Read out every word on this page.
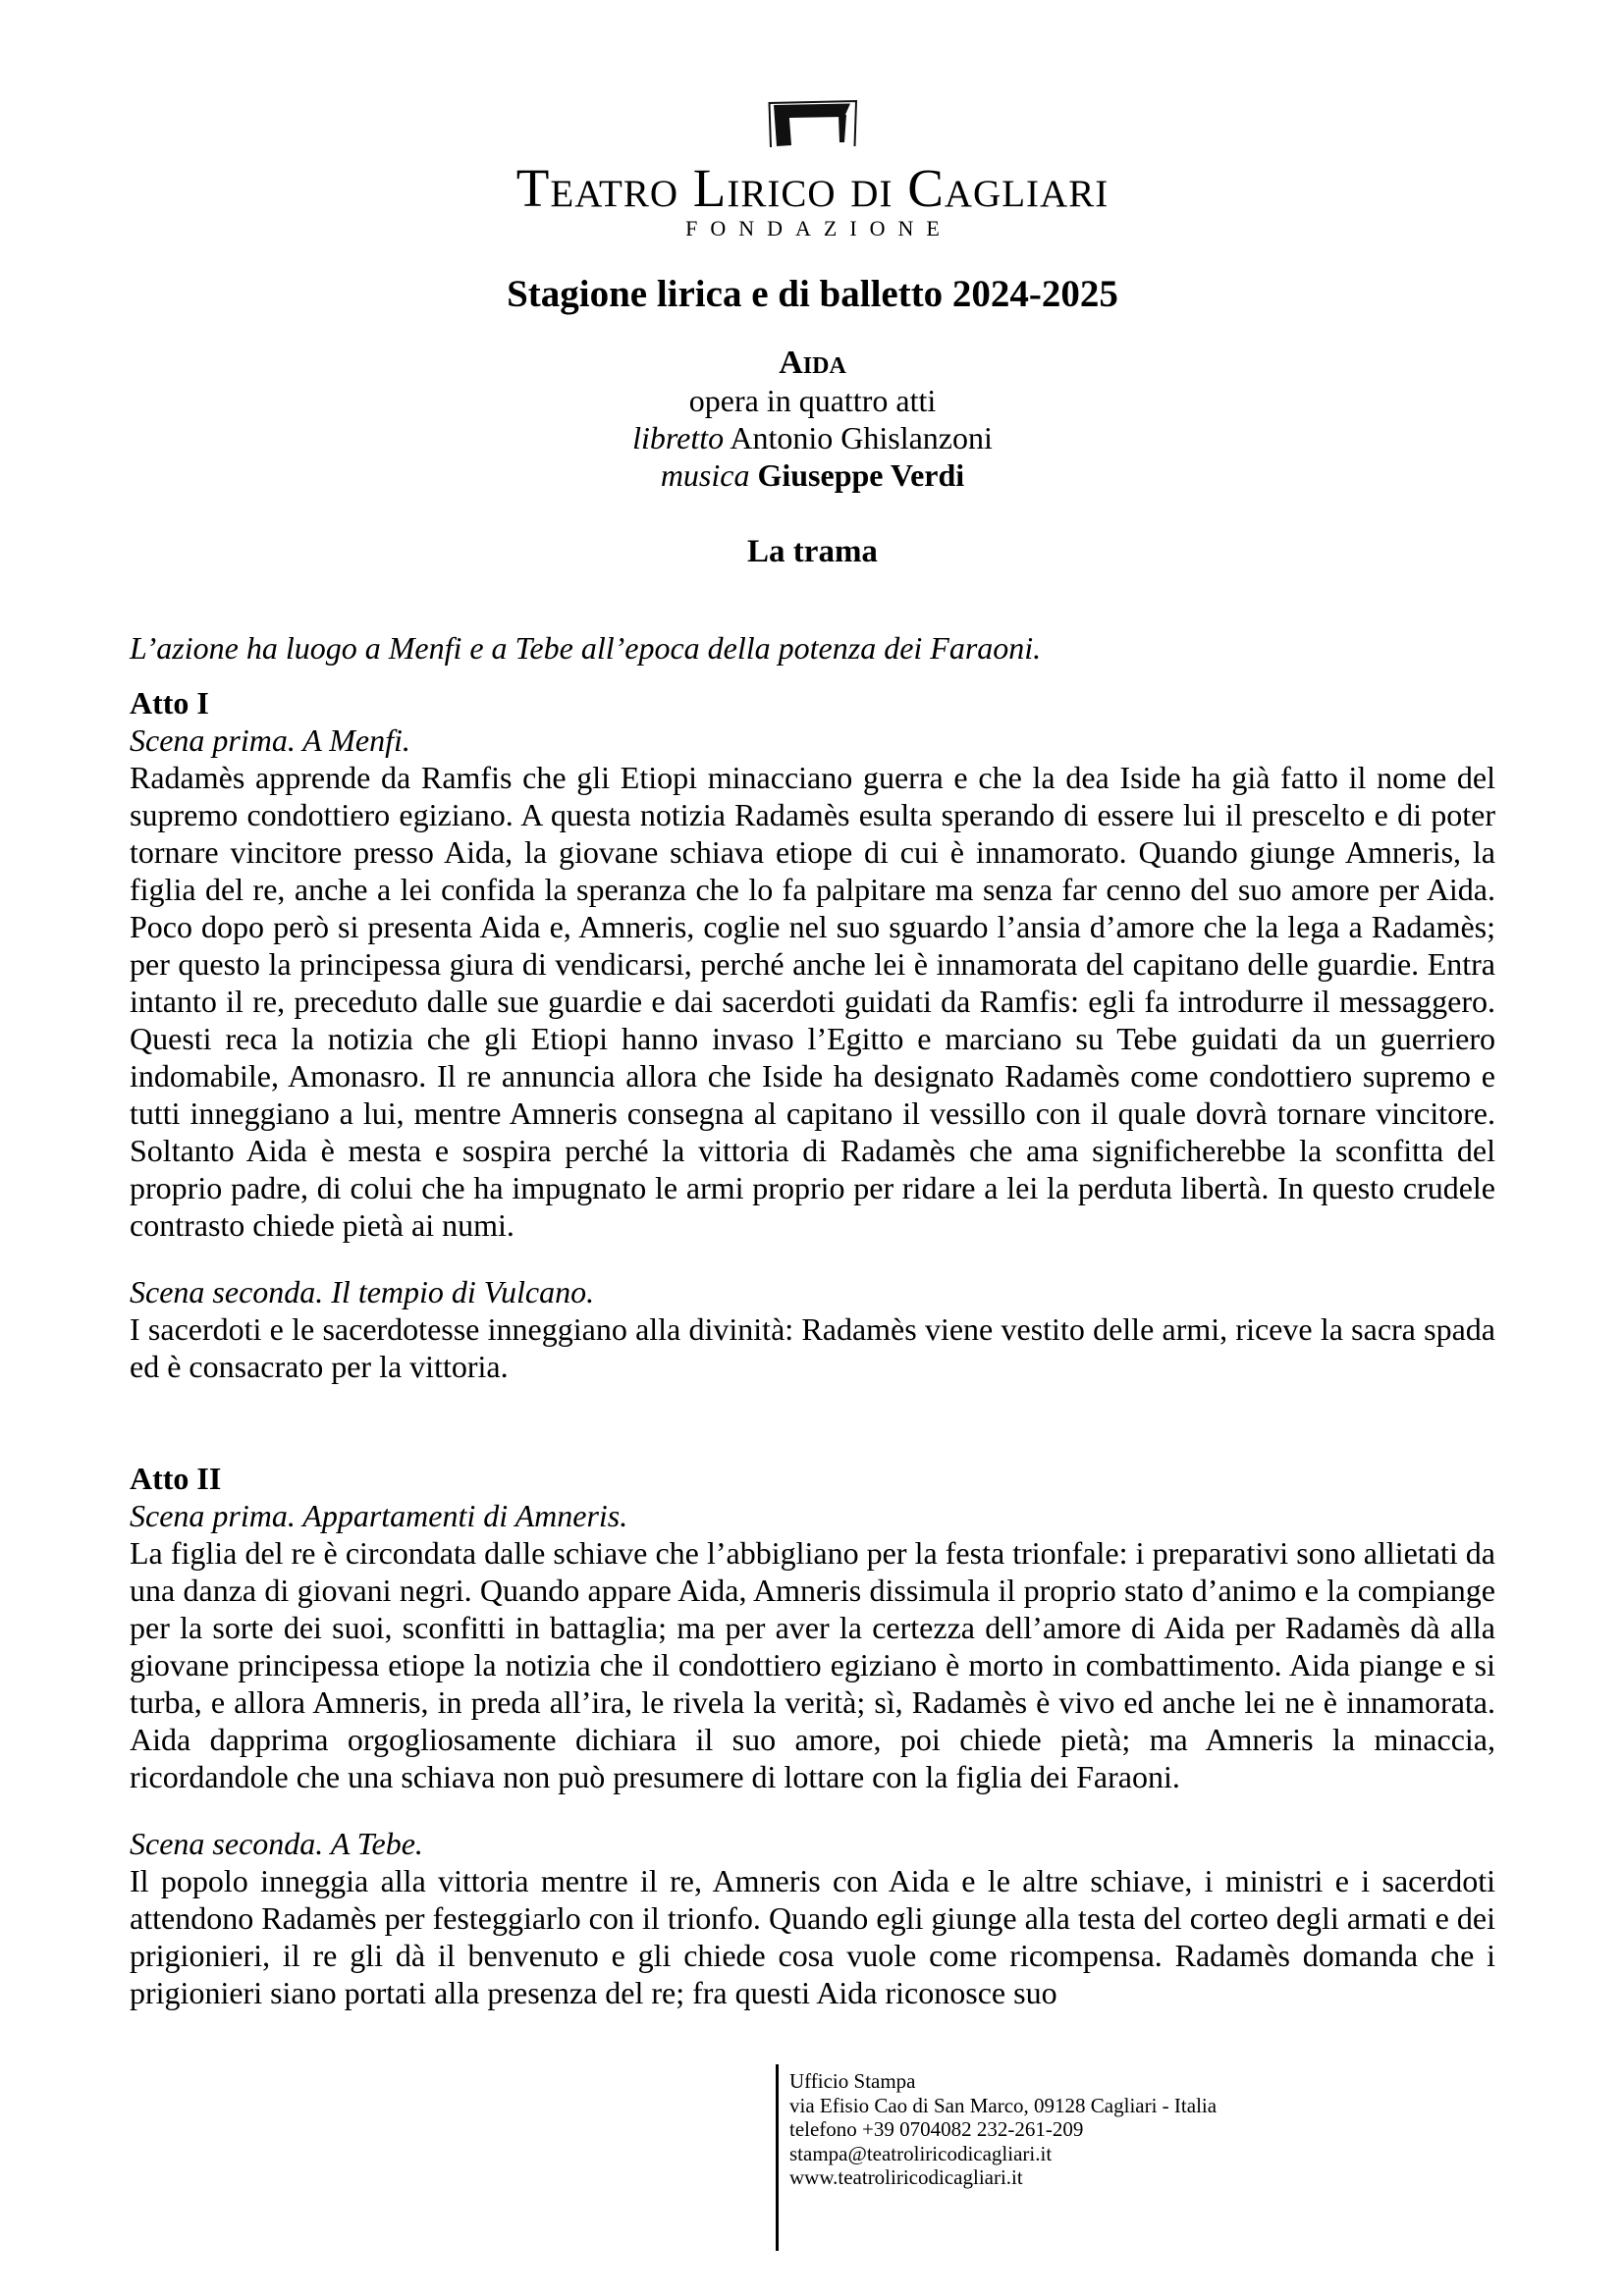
Teatro Lirico di Cagliari
FONDAZIONE
Stagione lirica e di balletto 2024-2025
Aida
opera in quattro atti
libretto Antonio Ghislanzoni
musica Giuseppe Verdi
La trama
L’azione ha luogo a Menfi e a Tebe all’epoca della potenza dei Faraoni.
Atto I
Scena prima. A Menfi.

Radamès apprende da Ramfis che gli Etiopi minacciano guerra e che la dea Iside ha già fatto il nome del supremo condottiero egiziano. A questa notizia Radamès esulta sperando di essere lui il prescelto e di poter tornare vincitore presso Aida, la giovane schiava etiope di cui è innamorato. Quando giunge Amneris, la figlia del re, anche a lei confida la speranza che lo fa palpitare ma senza far cenno del suo amore per Aida. Poco dopo però si presenta Aida e, Amneris, coglie nel suo sguardo l’ansia d’amore che la lega a Radamès; per questo la principessa giura di vendicarsi, perché anche lei è innamorata del capitano delle guardie. Entra intanto il re, preceduto dalle sue guardie e dai sacerdoti guidati da Ramfis: egli fa introdurre il messaggero. Questi reca la notizia che gli Etiopi hanno invaso l’Egitto e marciano su Tebe guidati da un guerriero indomabile, Amonasro. Il re annuncia allora che Iside ha designato Radamès come condottiero supremo e tutti inneggiano a lui, mentre Amneris consegna al capitano il vessillo con il quale dovrà tornare vincitore. Soltanto Aida è mesta e sospira perché la vittoria di Radamès che ama significherebbe la sconfitta del proprio padre, di colui che ha impugnato le armi proprio per ridare a lei la perduta libertà. In questo crudele contrasto chiede pietà ai numi.

Scena seconda. Il tempio di Vulcano.

I sacerdoti e le sacerdotesse inneggiano alla divinità: Radamès viene vestito delle armi, riceve la sacra spada ed è consacrato per la vittoria.

Atto II
Scena prima. Appartamenti di Amneris.

La figlia del re è circondata dalle schiave che l’abbigliano per la festa trionfale: i preparativi sono allietati da una danza di giovani negri. Quando appare Aida, Amneris dissimula il proprio stato d’animo e la compiange per la sorte dei suoi, sconfitti in battaglia; ma per aver la certezza dell’amore di Aida per Radamès dà alla giovane principessa etiope la notizia che il condottiero egiziano è morto in combattimento. Aida piange e si turba, e allora Amneris, in preda all’ira, le rivela la verità; sì, Radamès è vivo ed anche lei ne è innamorata. Aida dapprima orgogliosamente dichiara il suo amore, poi chiede pietà; ma Amneris la minaccia, ricordandole che una schiava non può presumere di lottare con la figlia dei Faraoni.

Scena seconda. A Tebe.

Il popolo inneggia alla vittoria mentre il re, Amneris con Aida e le altre schiave, i ministri e i sacerdoti attendono Radamès per festeggiarlo con il trionfo. Quando egli giunge alla testa del corteo degli armati e dei prigionieri, il re gli dà il benvenuto e gli chiede cosa vuole come ricompensa. Radamès domanda che i prigionieri siano portati alla presenza del re; fra questi Aida riconosce suo

Ufficio Stampa
via Efisio Cao di San Marco, 09128 Cagliari - Italia
telefono +39 0704082 232-261-209
stampa@teatroliricodicagliari.it
www.teatroliricodicagliari.it
